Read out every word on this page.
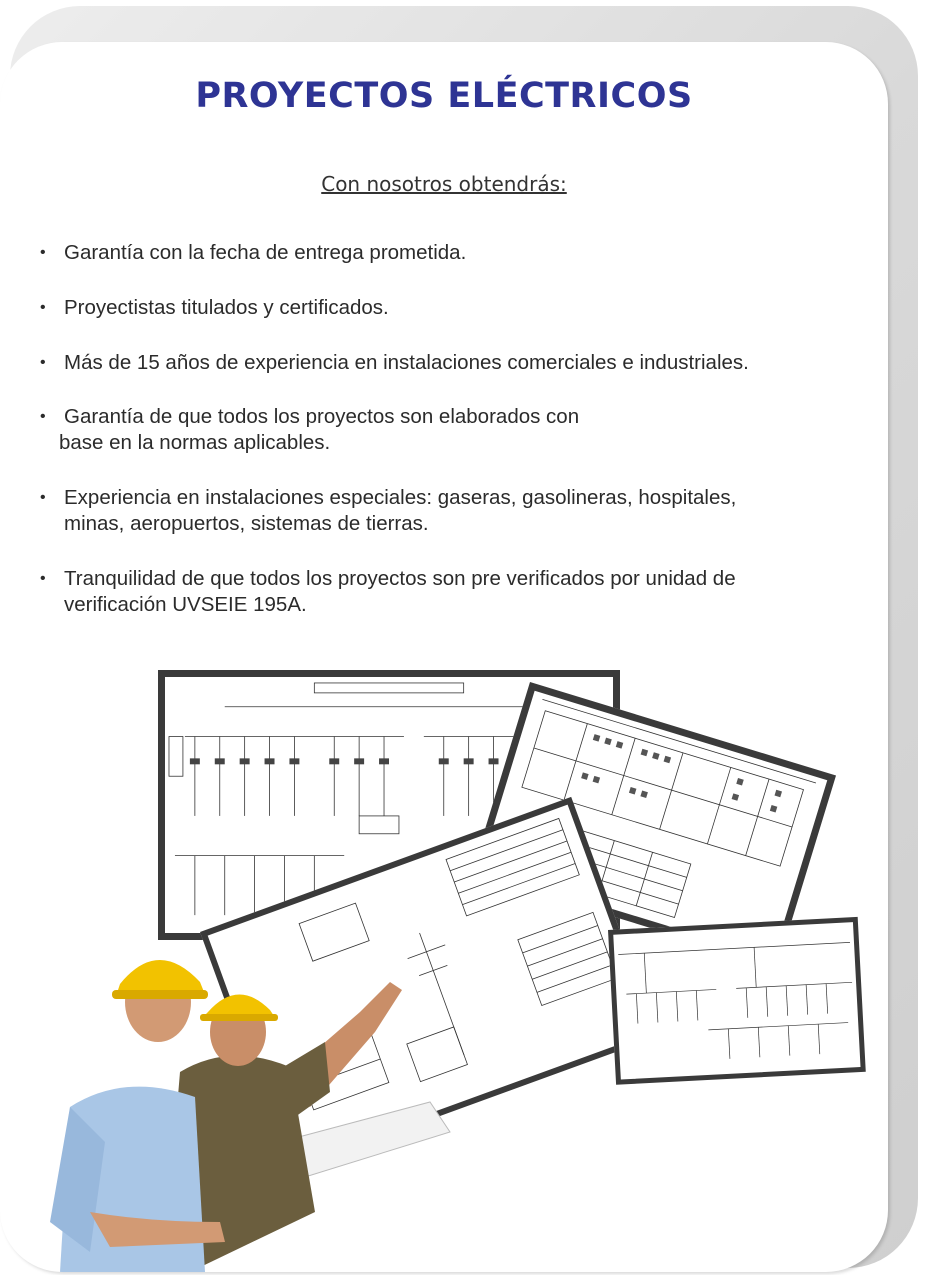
PROYECTOS ELÉCTRICOS

Con nosotros obtendrás:

• Garantía con la fecha de entrega prometida.
• Proyectistas titulados y certificados.
• Más de 15 años de experiencia en instalaciones comerciales e industriales.
• Garantía de que todos los proyectos son elaborados con
base en la normas aplicables.
• Experiencia en instalaciones especiales: gaseras, gasolineras, hospitales,
minas, aeropuertos, sistemas de tierras.
• Tranquilidad de que todos los proyectos son pre verificados por unidad de
verificación UVSEIE 195A.
